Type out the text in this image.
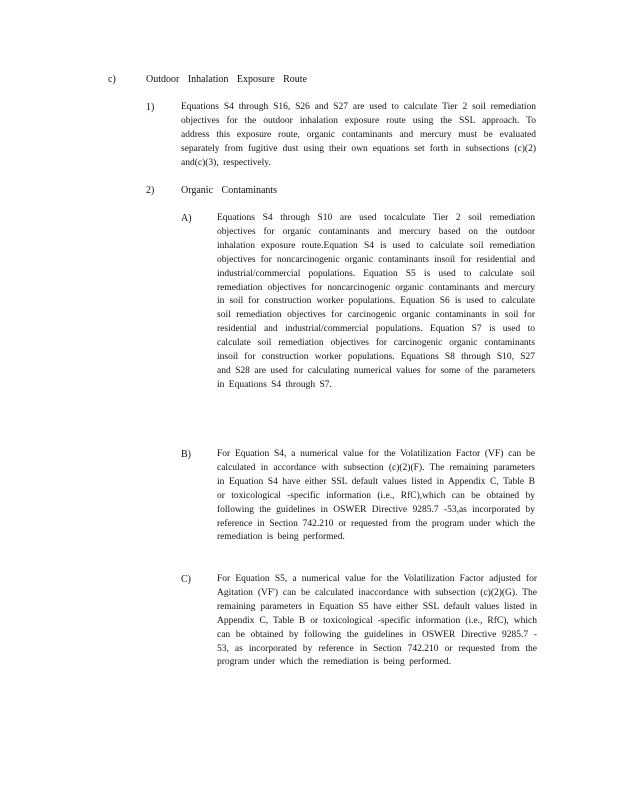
c)	Outdoor Inhalation Exposure Route
1)	Equations S4 through S16, S26 and S27 are used to calculate Tier 2 soil remediation objectives for the outdoor inhalation exposure route using the SSL approach. To address this exposure route, organic contaminants and mercury must be evaluated separately from fugitive dust using their own equations set forth in subsections (c)(2) and(c)(3), respectively.
2)	Organic Contaminants
A)	Equations S4 through S10 are used tocalculate Tier 2 soil remediation objectives for organic contaminants and mercury based on the outdoor inhalation exposure route.Equation S4 is used to calculate soil remediation objectives for noncarcinogenic organic contaminants insoil for residential and industrial/commercial populations. Equation S5 is used to calculate soil remediation objectives for noncarcinogenic organic contaminants and mercury in soil for construction worker populations. Equation S6 is used to calculate soil remediation objectives for carcinogenic organic contaminants in soil for residential and industrial/commercial populations. Equation S7 is used to calculate soil remediation objectives for carcinogenic organic contaminants insoil for construction worker populations. Equations S8 through S10, S27 and S28 are used for calculating numerical values for some of the parameters in Equations S4 through S7.
B)	For Equation S4, a numerical value for the Volatilization Factor (VF) can be calculated in accordance with subsection (c)(2)(F). The remaining parameters in Equation S4 have either SSL default values listed in Appendix C, Table B or toxicological -specific information (i.e., RfC),which can be obtained by following the guidelines in OSWER Directive 9285.7 -53,as incorporated by reference in Section 742.210 or requested from the program under which the remediation is being performed.
C)	For Equation S5, a numerical value for the Volatilization Factor adjusted for Agitation (VF') can be calculated inaccordance with subsection (c)(2)(G). The remaining parameters in Equation S5 have either SSL default values listed in Appendix C, Table B or toxicological -specific information (i.e., RfC), which can be obtained by following the guidelines in OSWER Directive 9285.7 - 53, as incorporated by reference in Section 742.210 or requested from the program under which the remediation is being performed.
